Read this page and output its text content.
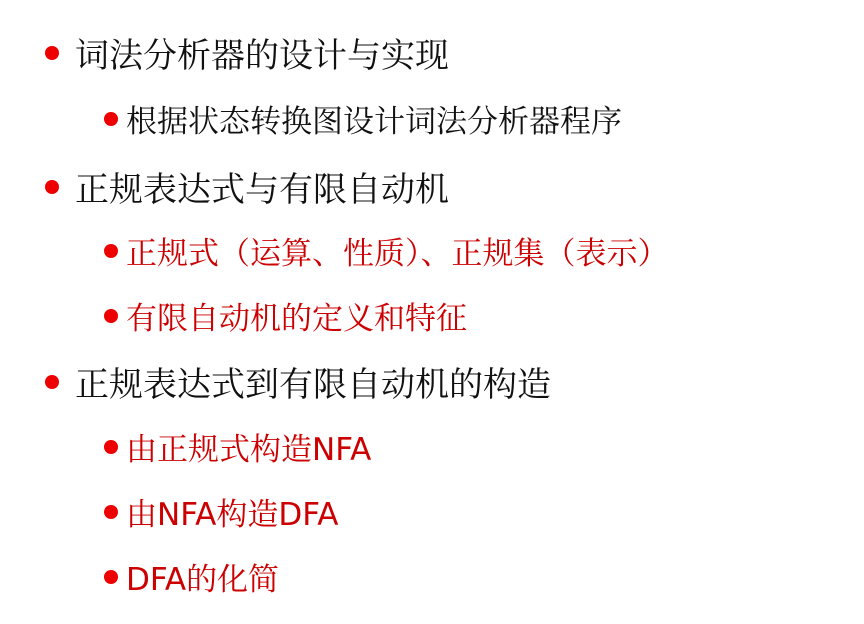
词法分析器的设计与实现
根据状态转换图设计词法分析器程序
正规表达式与有限自动机
正规式（运算、性质）、正规集（表示）
有限自动机的定义和特征
正规表达式到有限自动机的构造
由正规式构造NFA
由NFA构造DFA
DFA的化简
